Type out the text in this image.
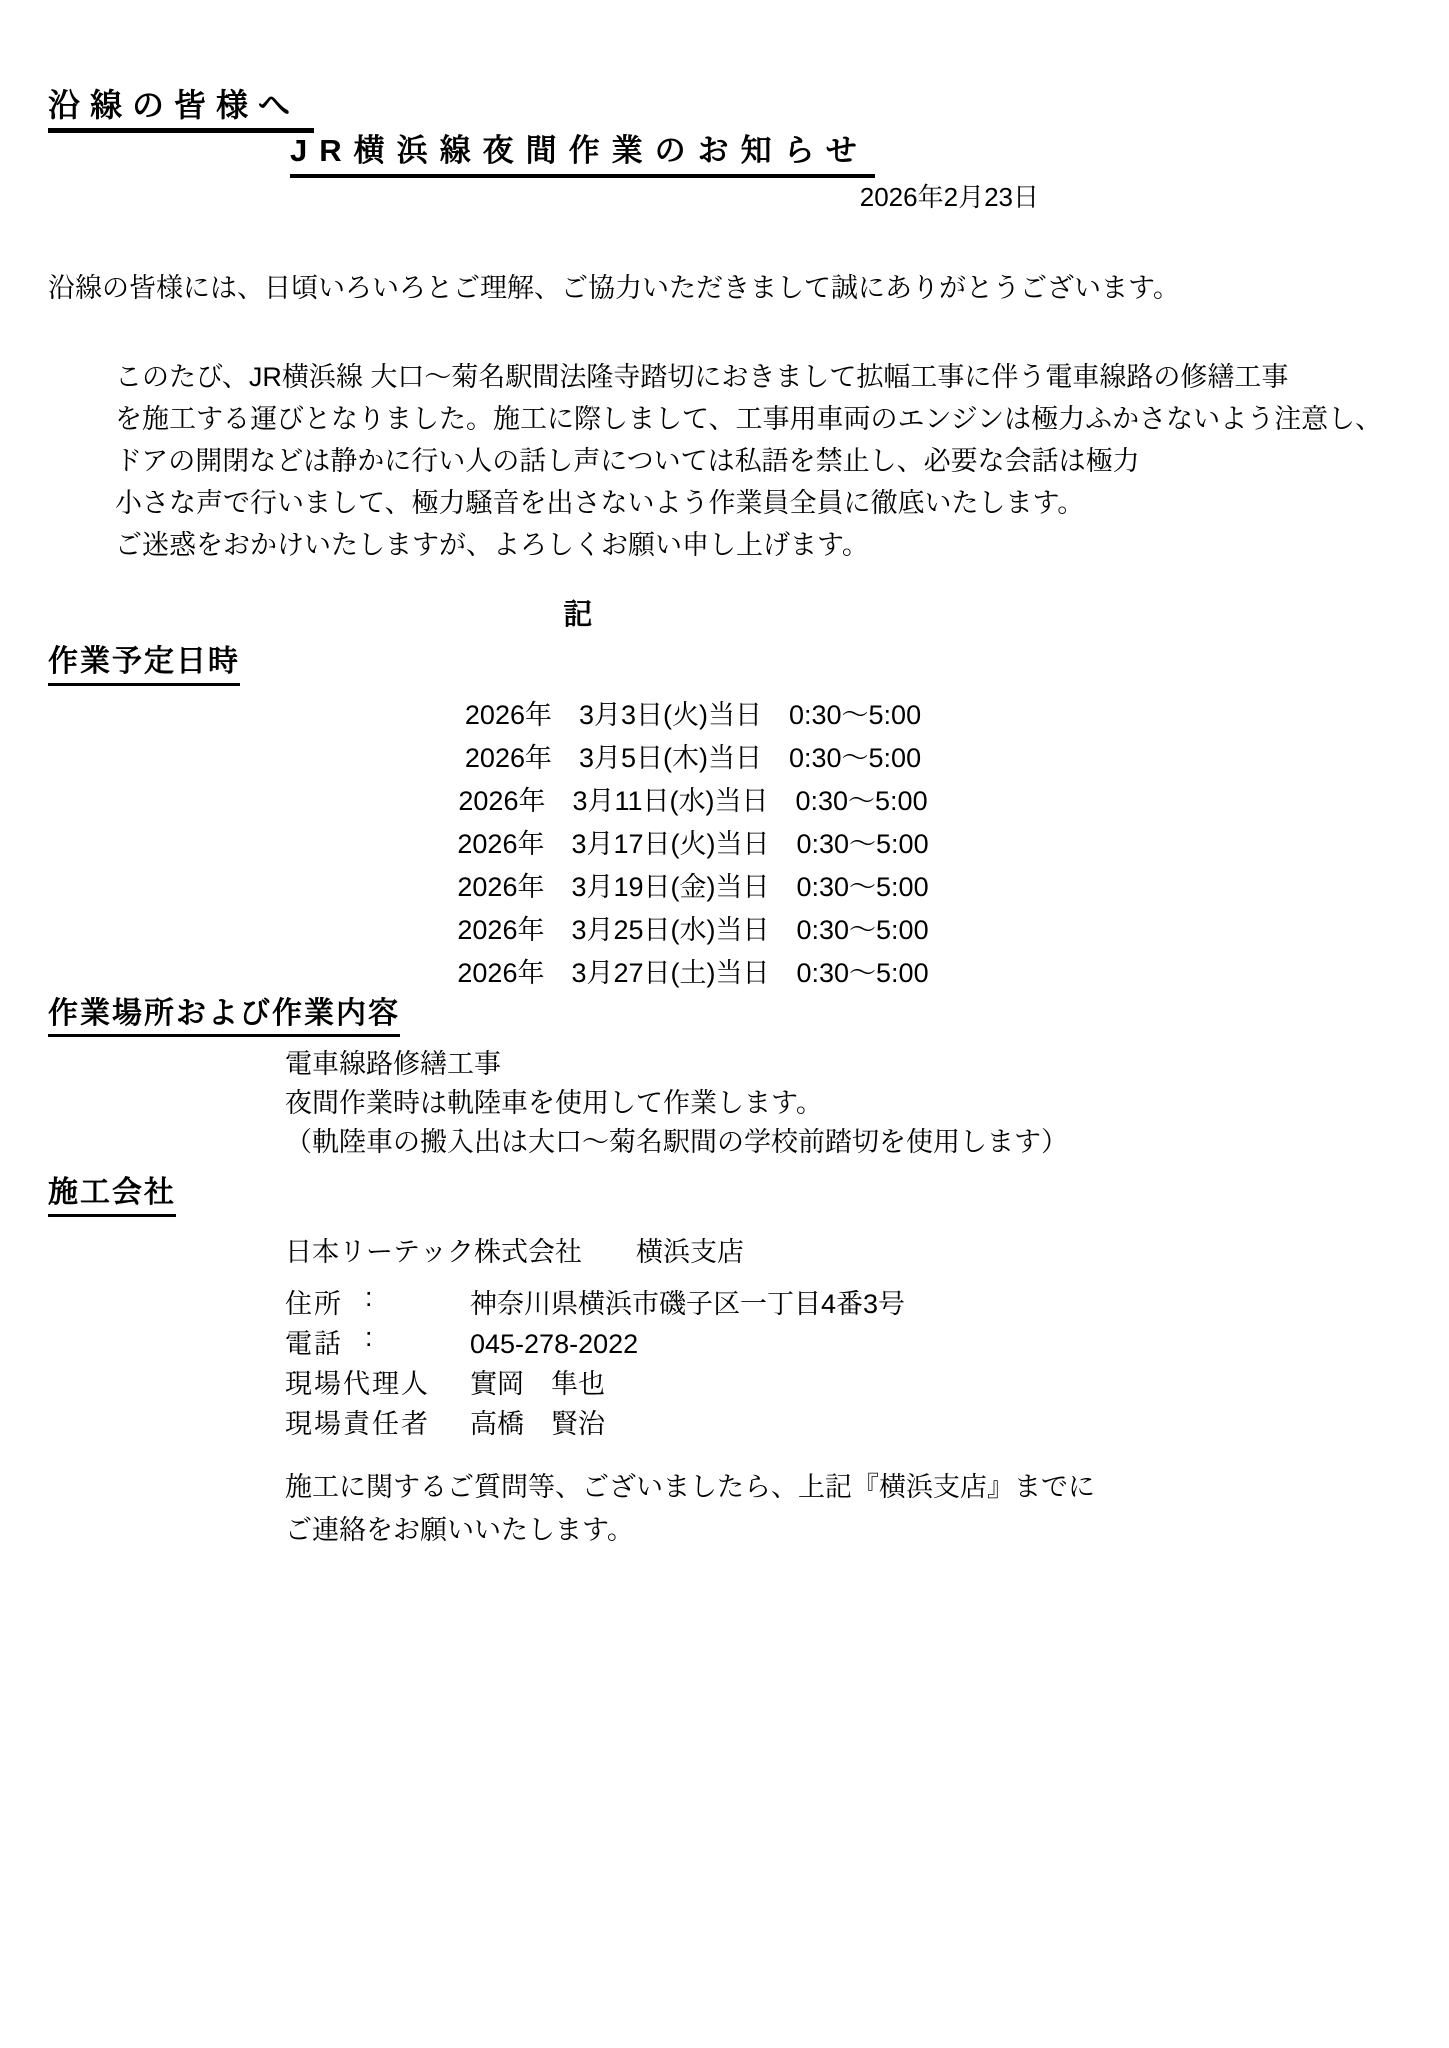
沿線の皆様へ
JR横浜線夜間作業のお知らせ
2026年2月23日
沿線の皆様には、日頃いろいろとご理解、ご協力いただきまして誠にありがとうございます。
このたび、JR横浜線 大口～菊名駅間法隆寺踏切におきまして拡幅工事に伴う電車線路の修繕工事
を施工する運びとなりました。施工に際しまして、工事用車両のエンジンは極力ふかさないよう注意し、
ドアの開閉などは静かに行い人の話し声については私語を禁止し、必要な会話は極力
小さな声で行いまして、極力騒音を出さないよう作業員全員に徹底いたします。
ご迷惑をおかけいたしますが、よろしくお願い申し上げます。
記
作業予定日時
2026年　3月3日(火)当日　0:30～5:00
2026年　3月5日(木)当日　0:30～5:00
2026年　3月11日(水)当日　0:30～5:00
2026年　3月17日(火)当日　0:30～5:00
2026年　3月19日(金)当日　0:30～5:00
2026年　3月25日(水)当日　0:30～5:00
2026年　3月27日(土)当日　0:30～5:00
作業場所および作業内容
電車線路修繕工事
夜間作業時は軌陸車を使用して作業します。
（軌陸車の搬入出は大口～菊名駅間の学校前踏切を使用します）
施工会社
日本リーテック株式会社　　横浜支店
住所 :	神奈川県横浜市磯子区一丁目4番3号
電話 :	045-278-2022
現場代理人 實岡　隼也
現場責任者 高橋　賢治
施工に関するご質問等、ございましたら、上記『横浜支店』までに
ご連絡をお願いいたします。
